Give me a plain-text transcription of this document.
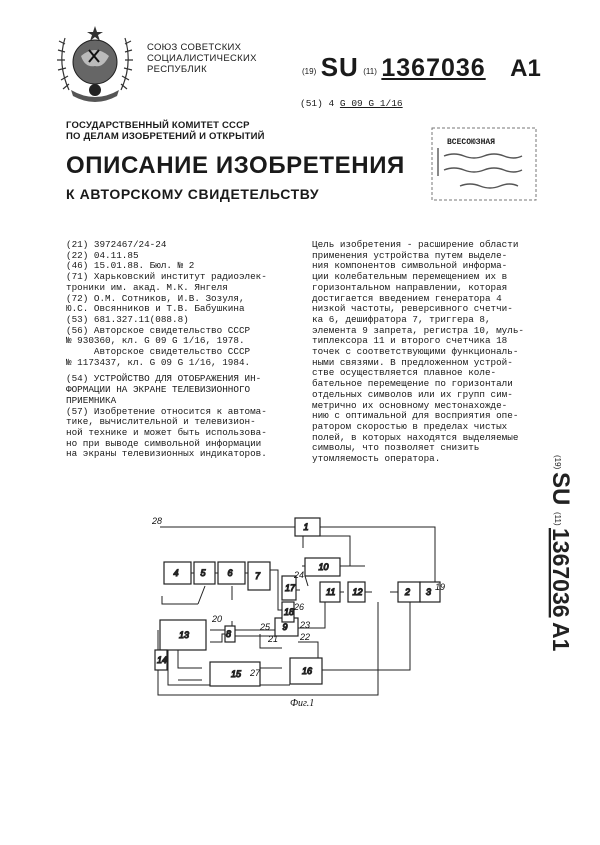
СОЮЗ СОВЕТСКИХ
СОЦИАЛИСТИЧЕСКИХ
РЕСПУБЛИК	(19) SU (11) 1367036 A1
(51) 4 G 09 G 1/16
ГОСУДАРСТВЕННЫЙ КОМИТЕТ СССР
ПО ДЕЛАМ ИЗОБРЕТЕНИЙ И ОТКРЫТИЙ
ВСЕСОЮЗНАЯ
ОПИСАНИЕ ИЗОБРЕТЕНИЯ
К АВТОРСКОМУ СВИДЕТЕЛЬСТВУ
(21) 3972467/24-24
(22) 04.11.85
(46) 15.01.88. Бюл. № 2
(71) Харьковский институт радиоэлек-
троники им. акад. М.К. Янгеля
(72) О.М. Сотников, И.В. Зозуля,
Ю.С. Овсянников и Т.В. Бабушкина
(53) 681.327.11(088.8)
(56) Авторское свидетельство СССР
№ 930360, кл. G 09 G 1/16, 1978.
Авторское свидетельство СССР
№ 1173437, кл. G 09 G 1/16, 1984.
(54) УСТРОЙСТВО ДЛЯ ОТОБРАЖЕНИЯ ИН-
ФОРМАЦИИ НА ЭКРАНЕ ТЕЛЕВИЗИОННОГО
ПРИЕМНИКА
(57) Изобретение относится к автома-
тике, вычислительной и телевизион-
ной технике и может быть использова-
но при выводе символьной информации
на экраны телевизионных индикаторов.
Цель изобретения - расширение области
применения устройства путем выделе-
ния компонентов символьной информа-
ции колебательным перемещением их в
горизонтальном направлении, которая
достигается введением генератора 4
низкой частоты, реверсивного счетчи-
ка 6, дешифратора 7, триггера 8,
элемента 9 запрета, регистра 10, муль-
типлексора 11 и второго счетчика 18
точек с соответствующими функциональ-
ными связями. В предложенном устрой-
стве осуществляется плавное коле-
бательное перемещение по горизонтали
отдельных символов или их групп сим-
метрично их основному местонахожде-
нию с оптимальной для восприятия опе-
ратором скоростью в пределах чистых
полей, в которых находятся выделяемые
символы, что позволяет снизить
утомляемость оператора.	(19)
SU
(11)
1367036
A1
1
2 3
4 5 6 7
8
9
10
11 12
13
14
15	16
17
18
19
20
21 22
23
24
25
26
27
28
Фиг.1
